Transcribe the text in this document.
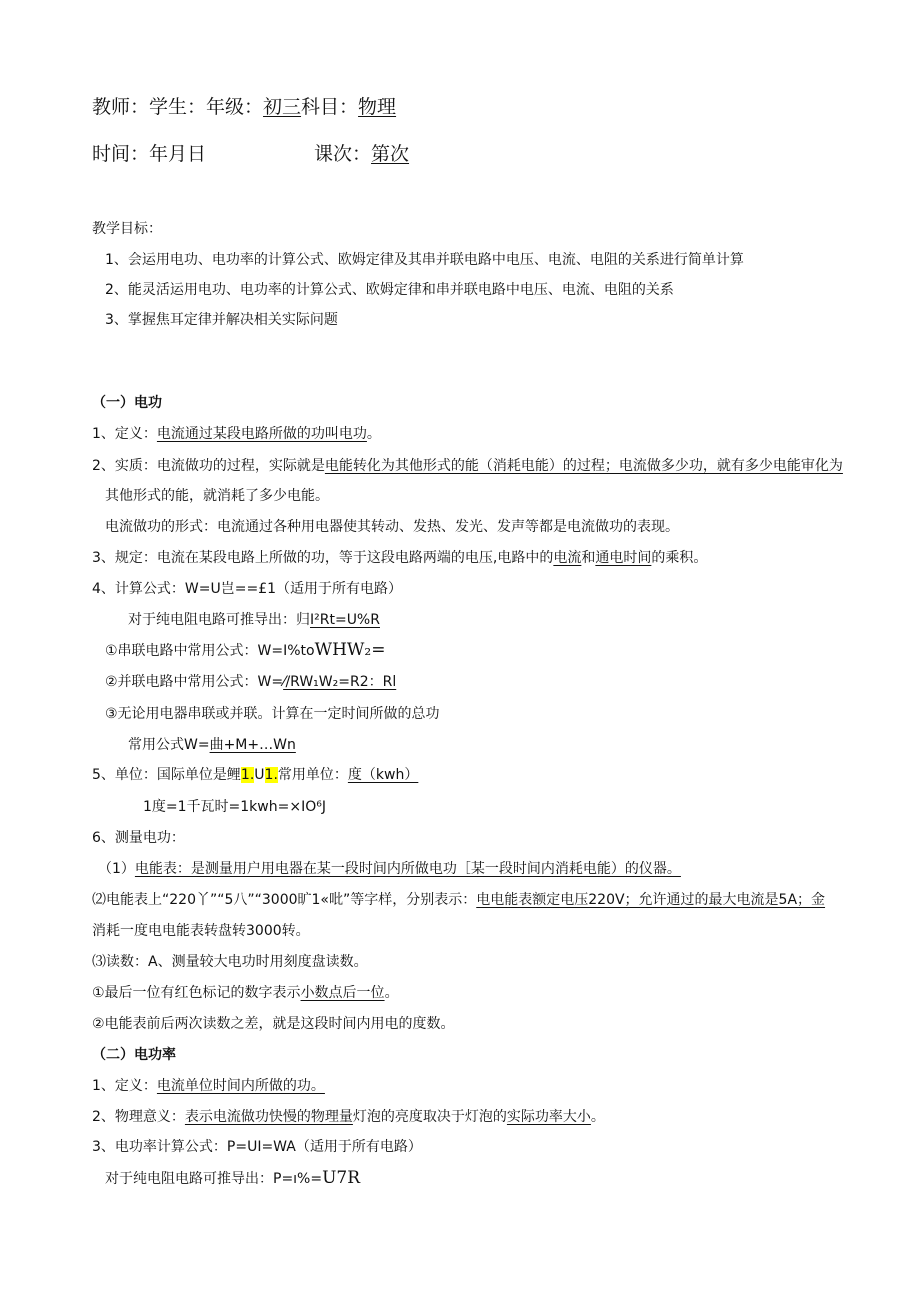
教师：学生：年级：初三科目：物理
时间：年月日	课次：第次
教学目标：
1、会运用电功、电功率的计算公式、欧姆定律及其串并联电路中电压、电流、电阻的关系进行简单计算
2、能灵活运用电功、电功率的计算公式、欧姆定律和串并联电路中电压、电流、电阻的关系
3、掌握焦耳定律并解决相关实际问题
（一）电功
1、定义：电流通过某段电路所做的功叫电功。
2、实质：电流做功的过程，实际就是电能转化为其他形式的能（消耗电能）的过程；电流做多少功，就有多少电能审化为
其他形式的能，就消耗了多少电能。
电流做功的形式：电流通过各种用电器使其转动、发热、发光、发声等都是电流做功的表现。
3、规定：电流在某段电路上所做的功，等于这段电路两端的电压,电路中的电流和通电时间的乘积。
4、计算公式：W=U岂==£1（适用于所有电路）
对于纯电阻电路可推导出：归I²Rt=U%R
①串联电路中常用公式：W=I%toWHW₂=
②并联电路中常用公式：W=⁄/RW₁W₂=R2：Rl
③无论用电器串联或并联。计算在一定时间所做的总功
常用公式W=曲+M+…Wn
5、单位：国际单位是鲤1.U1.常用单位：度（kwh）
1度=1千瓦时=1kwh=×IO⁶J
6、测量电功：
（1）电能表：是测量用户用电器在某一段时间内所做电功［某一段时间内消耗电能）的仪器。
⑵电能表上“220丫”“5八”“3000旷1«吡”等字样，分别表示：电电能表额定电压220V；允许通过的最大电流是5A；金
消耗一度电电能表转盘转3000转。
⑶读数：A、测量较大电功时用刻度盘读数。
①最后一位有红色标记的数字表示小数点后一位。
②电能表前后两次读数之差，就是这段时间内用电的度数。
（二）电功率
1、定义：电流单位时间内所做的功。
2、物理意义：表示电流做功快慢的物理量灯泡的亮度取决于灯泡的实际功率大小。
3、电功率计算公式：P=UI=WA（适用于所有电路）
对于纯电阻电路可推导出：P=ı%=U7R
